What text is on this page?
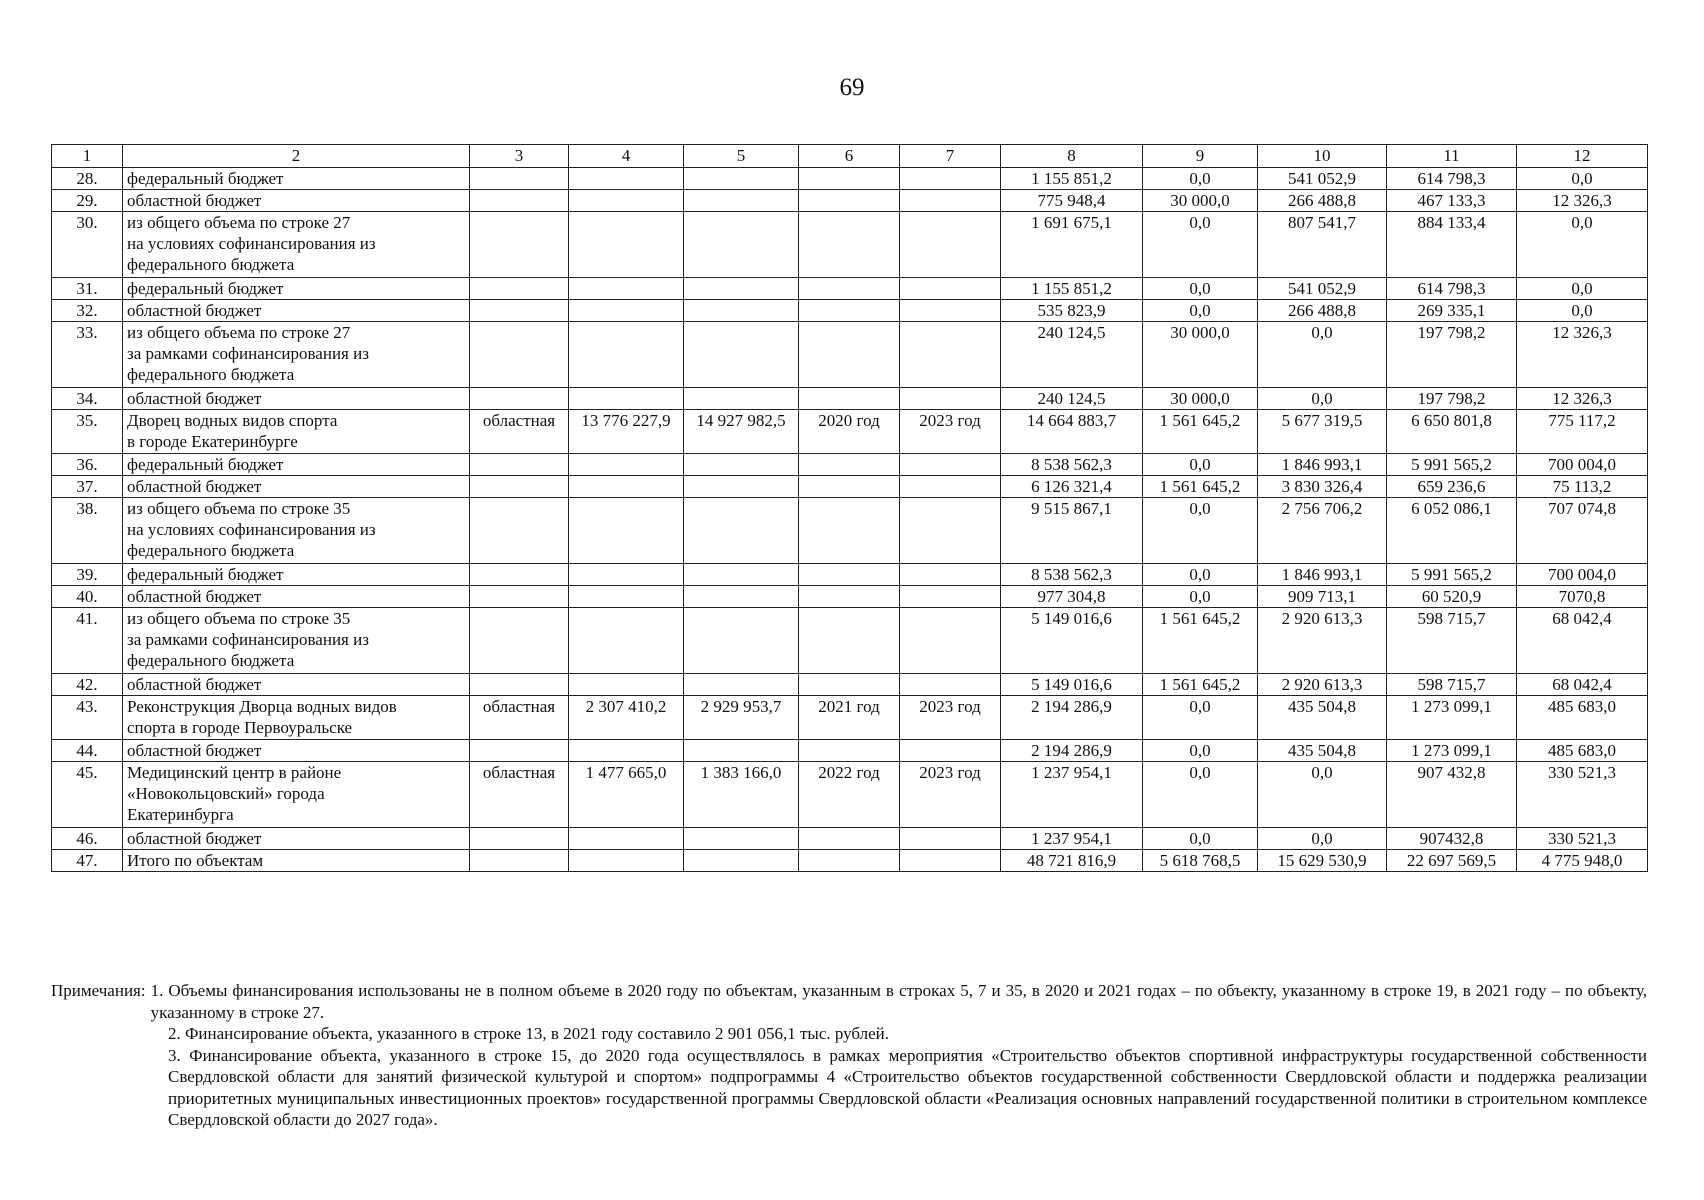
69
1	2	3	4	5	6	7	8	9	10	11	12
28.	федеральный бюджет						1 155 851,2	0,0	541 052,9	614 798,3	0,0
29.	областной бюджет						775 948,4	30 000,0	266 488,8	467 133,3	12 326,3
30.	из общего объема по строке 27
на условиях софинансирования из
федерального бюджета						1 691 675,1	0,0	807 541,7	884 133,4	0,0
31.	федеральный бюджет						1 155 851,2	0,0	541 052,9	614 798,3	0,0
32.	областной бюджет						535 823,9	0,0	266 488,8	269 335,1	0,0
33.	из общего объема по строке 27
за рамками софинансирования из
федерального бюджета						240 124,5	30 000,0	0,0	197 798,2	12 326,3
34.	областной бюджет						240 124,5	30 000,0	0,0	197 798,2	12 326,3
35.	Дворец водных видов спорта
в городе Екатеринбурге	областная	13 776 227,9	14 927 982,5	2020 год	2023 год	14 664 883,7	1 561 645,2	5 677 319,5	6 650 801,8	775 117,2
36.	федеральный бюджет						8 538 562,3	0,0	1 846 993,1	5 991 565,2	700 004,0
37.	областной бюджет						6 126 321,4	1 561 645,2	3 830 326,4	659 236,6	75 113,2
38.	из общего объема по строке 35
на условиях софинансирования из
федерального бюджета						9 515 867,1	0,0	2 756 706,2	6 052 086,1	707 074,8
39.	федеральный бюджет						8 538 562,3	0,0	1 846 993,1	5 991 565,2	700 004,0
40.	областной бюджет						977 304,8	0,0	909 713,1	60 520,9	7070,8
41.	из общего объема по строке 35
за рамками софинансирования из
федерального бюджета						5 149 016,6	1 561 645,2	2 920 613,3	598 715,7	68 042,4
42.	областной бюджет						5 149 016,6	1 561 645,2	2 920 613,3	598 715,7	68 042,4
43.	Реконструкция Дворца водных видов
спорта в городе Первоуральске	областная	2 307 410,2	2 929 953,7	2021 год	2023 год	2 194 286,9	0,0	435 504,8	1 273 099,1	485 683,0
44.	областной бюджет						2 194 286,9	0,0	435 504,8	1 273 099,1	485 683,0
45.	Медицинский центр в районе
«Новокольцовский» города
Екатеринбурга	областная	1 477 665,0	1 383 166,0	2022 год	2023 год	1 237 954,1	0,0	0,0	907 432,8	330 521,3
46.	областной бюджет						1 237 954,1	0,0	0,0	907432,8	330 521,3
47.	Итого по объектам						48 721 816,9	5 618 768,5	15 629 530,9	22 697 569,5	4 775 948,0
Примечания: 1. Объемы финансирования использованы не в полном объеме в 2020 году по объектам, указанным в строках 5, 7 и 35, в 2020 и 2021 годах – по объекту, указанному в строке 19, в 2021 году – по объекту, указанному в строке 27.

2. Финансирование объекта, указанного в строке 13, в 2021 году составило 2 901 056,1 тыс. рублей.

3. Финансирование объекта, указанного в строке 15, до 2020 года осуществлялось в рамках мероприятия «Строительство объектов спортивной инфраструктуры государственной собственности Свердловской области для занятий физической культурой и спортом» подпрограммы 4 «Строительство объектов государственной собственности Свердловской области и поддержка реализации приоритетных муниципальных инвестиционных проектов» государственной программы Свердловской области «Реализация основных направлений государственной политики в строительном комплексе Свердловской области до 2027 года».
